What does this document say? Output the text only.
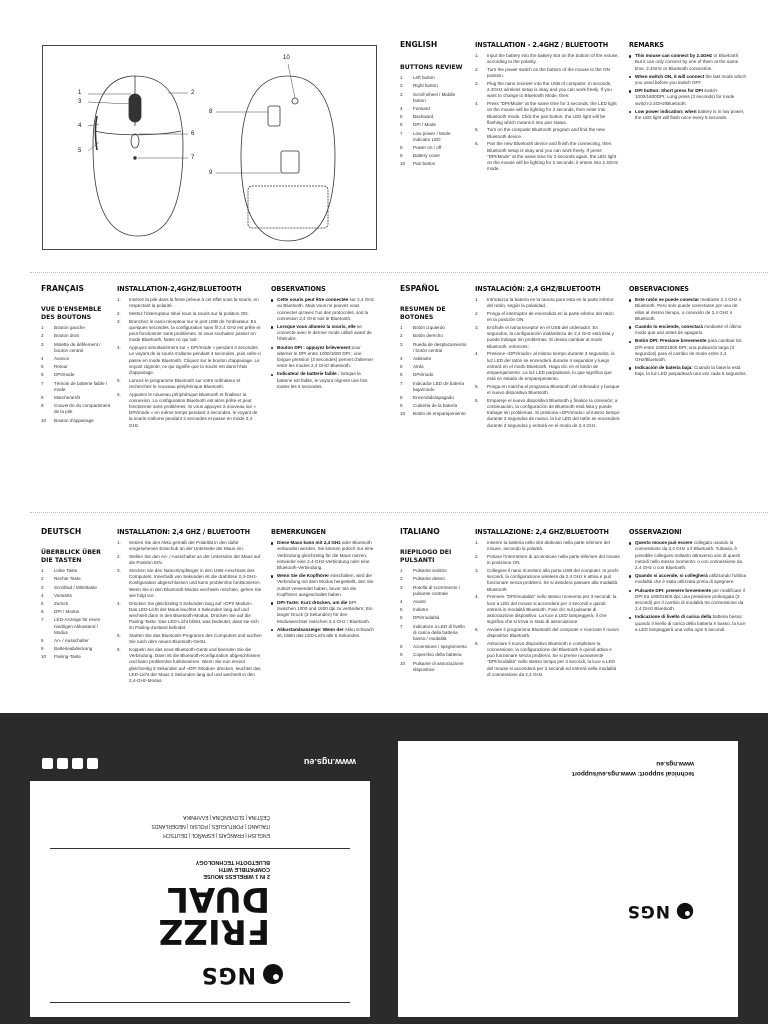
1
3
4
5
2
6
7
8
9
10
ENGLISH
BUTTONS REVIEW
1	Left button
2	Right button
3	Scroll wheel / Middle button
4	Forward
5	Backward
6	DPI / Mode
7	Low power / Mode indicator LED
8	Power on / off
9	Battery cover
10	Pair button
INSTALLATION - 2.4GHZ / BLUETOOTH
1. Input the battery into the battery slot on the bottom of the mouse, according to the polarity.
2. Turn the power switch on the bottom of the mouse to the ON position.
3. Plug the nano receiver into the USB of computer. In seconds, 2.4GHz wireless setup is okay and you can work freely. If you want to change to Bluetooth Mode, then:
4. Press "DPI/Mode" at the same time for 3 seconds, the LED light on the mouse will be lighting for 4 seconds, then enter into Bluetooth mode. Click the pair button, the LED light will be flashing which means it into pair status.
5. Turn on the computer Bluetooth program and find the new Bluetooth device.
6. Pair the new Bluetooth device and finish the connecting, then Bluetooth setup is okay and you can work freely. If press "DPI/Mode" at the same time for 3 seconds again, the LED light on the mouse will be lighting for 2 seconds, it enters into 2.4GHz mode.
REMARKS
This mouse can connect by 2.4GHz or Bluetooth. But it can only connect by one of them at the same time, 2.4GHz or Bluetooth connection.
When switch ON, it will connect the last mode which you used before you switch OFF.
DPI button: Short press for DPI switch-1000/1600DPI; Long press (3 seconds) for mode switch-2.4GHz/Bluetooth.
Low power indication: when battery is in low power, the LED light will flash once every 5 seconds.
FRANÇAIS
VUE D'ENSEMBLE DES BOUTONS
1	Bouton gauche
2	Bouton droit
3	Molette de défilement / bouton central
4	Avance
5	Retour
6	DPI/mode
7	Témoin de batterie faible / mode
8	Marche/arrêt
9	Couvercle du compartiment de la pile
10	Bouton d'appairage
INSTALLATION-2,4GHZ/BLUETOOTH
1. Insérez la pile dans la fente prévue à cet effet sous la souris, en respectant la polarité.
2. Mettez l'interrupteur situé sous la souris sur la position ON.
3. Branchez le nano-récepteur sur le port USB de l'ordinateur. En quelques secondes, la configuration sans fil 2,4 GHz est prête et peut fonctionner sans problèmes. Si vous souhaitez passer en mode Bluetooth, faites ce qui suit :
4. Appuyez simultanément sur « DPI/mode » pendant 3 secondes. Le voyant de la souris s'allume pendant 4 secondes, puis celle-ci passe en mode Bluetooth. Cliquez sur le bouton d'appairage. Le voyant clignote, ce qui signifie que la souris est dans l'état d'appairage.
5. Lancez le programme Bluetooth sur votre ordinateur et recherchez le nouveau périphérique Bluetooth.
6. Appairez le nouveau périphérique Bluetooth et finalisez la connexion. La configuration Bluetooth est alors prête et peut fonctionner sans problèmes. Si vous appuyez à nouveau sur « DPI/mode » en même temps pendant 3 secondes, le voyant de la souris s'allume pendant 2 secondes et passe en mode 2,4 GHz.
OBSERVATIONS
Cette souris peut être connectée sur 2,4 GHz ou Bluetooth. Mais vous ne pouvez vous connecter qu'avec l'un des protocoles, soit la connexion 2,4 GHz soit le Bluetooth.
Lorsque vous allumez la souris, elle se connecte avec le dernier mode utilisé avant de l'éteindre.
Bouton DPI : appuyez brièvement pour alterner le DPI entre 1000/1600 DPI ; une longue pression (3 secondes) permet d'alterner entre les modes 2,4 GHz/ Bluetooth.
Indicateur de batterie faible : lorsque la batterie est faible, le voyant clignote une fois toutes les 5 secondes.
ESPAÑOL
RESUMEN DE BOTONES
1	Botón izquierdo
2	Botón derecho
3	Rueda de desplazamiento / botón central
4	Adelante
5	Atrás
6	DPI/modo
7	Indicador LED de batería baja/modo
8	Encendido/apagado
9	Cubierta de la batería
10	Botón de emparejamiento
INSTALACIÓN: 2,4 GHZ/BLUETOOTH
1. Introduzca la batería en la ranura para esta en la parte inferior del ratón, según la polaridad.
2. Ponga el interruptor de encendido en la parte inferior del ratón en la posición ON.
3. Enchufe el nanorreceptor en el USB del ordenador. En segundos, la configuración inalámbrica de 2,4 GHz está lista y puede trabajar sin problemas. Si desea cambiar al modo Bluetooth, entonces:
4. Presione «DPI/modo» al mismo tiempo durante 3 segundos, la luz LED del ratón se encenderá durante 4 segundos y luego entrará en el modo Bluetooth. Haga clic en el botón de emparejamiento. La luz LED parpadeará, lo que significa que está en estado de emparejamiento.
5. Ponga en marcha el programa Bluetooth del ordenador y busque el nuevo dispositivo Bluetooth.
6. Empareje el nuevo dispositivo Bluetooth y finalice la conexión; a continuación, la configuración de Bluetooth está lista y puede trabajar sin problemas. Si presiona «DPI/modo» al mismo tiempo durante 3 segundos de nuevo, la luz LED del ratón se encenderá durante 2 segundos y entrará en el modo de 2,4 GHz.
OBSERVACIONES
Este ratón se puede conectar mediante 2,4 GHz o Bluetooth. Pero solo puede conectarse por uno de ellos al mismo tiempo, o conexión de 2,4 GHz o Bluetooth.
Cuando lo enciende, conectará mediante el último modo que usó antes de apagarlo.
Botón DPI: Presione brevemente para cambiar los DPI entre 1000/1600 DPI; una pulsación larga (3 segundos) para el cambio de modo entre 2,4 GHz/Bluetooth.
Indicación de batería baja: Cuando la batería está baja, la luz LED parpadeará una vez cada 5 segundos.
DEUTSCH
ÜBERBLICK ÜBER DIE TASTEN
1	Linke Taste
2	Rechte Taste
3	Scrollrad / Mitteltaste
4	Vorwärts
5	Zurück
6	DPI / Modus
7	LED-Anzeige für einen niedrigen Akkustand / Modus
8	An- / Ausschalter
9	Batterieabdeckung
10	Pairing-Taste
INSTALLATION: 2,4 GHZ / BLUETOOTH
1. Setzen Sie den Akku gemäß der Polarität in den dafür vorgesehenen Einschub an der Unterseite der Maus ein.
2. Stellen Sie den An- / Ausschalter an der Unterseite der Maus auf die Position EIN.
3. Stecken Sie den Nano-Empfänger in den USB-Anschluss des Computers. Innerhalb von Sekunden ist die drahtlose 2,4-GHz-Konfiguration abgeschlossen und kann problemlos funktionieren. Wenn Sie in den Bluetooth-Modus wechseln möchten, gehen Sie wie folgt vor:
4. Drücken Sie gleichzeitig 3 Sekunden lang auf »DPI/ Modus«. Das LED-Licht der Maus leuchtet 4 Sekunden lang auf und wechselt dann in den Bluetooth-Modus. Drücken Sie auf die Pairing-Taste. Das LED-Licht blinkt, was bedeutet, dass sie sich im Pairing-Zustand befindet.
5. Starten Sie das Bluetooth-Programm des Computers und suchen Sie nach dem neuen Bluetooth-Gerät.
6. Koppeln Sie das neue Bluetooth-Gerät und beenden Sie die Verbindung. Dann ist die Bluetooth-Konfiguration abgeschlossen und kann problemlos funktionieren. Wenn Sie nun erneut gleichzeitig 3 Sekunden auf »DPI /Modus« drücken, leuchtet das LED-Licht der Maus 2 Sekunden lang auf und wechselt in den 2,4-GHz-Modus.
BEMERKUNGEN
Diese Maus kann mit 2,4 GHz oder Bluetooth verbunden werden. Sie können jedoch nur eine Verbindung gleichzeitig für die Maus nutzen, entweder eine 2,4-GHz-Verbindung oder eine Bluetooth-Verbindung.
Wenn Sie die Kopfhörer einschalten, wird die Verbindung mit dem Modus hergestellt, den Sie zuletzt verwendet haben, bevor Sie die Kopfhörer ausgeschaltet haben.
DPI-Taste: Kurz drücken, um die DPI zwischen 1000 und 1600 dpi zu verändern; Ein langer Druck (3 Sekunden) für den Moduswechsel zwischen 2,4 GHz / Bluetooth.
Akkustandsanzeige: Wenn der Akku schwach ist, blinkt das LED-Licht alle 5 Sekunden.
ITALIANO
RIEPILOGO DEI PULSANTI
1	Pulsante sinistro
2	Pulsante destro
3	Rotella di scorrimento / pulsante centrale
4	Avanti
5	Indietro
6	DPI/modalità
7	Indicatore a LED di livello di carica della batteria basso / modalità
8	Accensione / spegnimento
9	Coperchio della batteria
10	Pulsante di associazione dispositivo
INSTALLAZIONE: 2,4 GHZ/BLUETOOTH
1. Inserire la batteria nello slot dedicato nella parte inferiore del mouse, secondo la polarità.
2. Portare l'interruttore di accensione nella parte inferiore del mouse in posizione ON.
3. Collegare il nano ricevitore alla porta USB del computer. In pochi secondi, la configurazione wireless da 2,4 GHz è attiva e può funzionare senza problemi. Se si desidera passare alla modalità Bluetooth:
4. Premere "DPI/modalità" nello stesso momento per 3 secondi; la luce a LED del mouse si accenderà per 4 secondi e quindi entrerà in modalità Bluetooth. Fare clic sul pulsante di associazione dispositivo. La luce a LED lampeggerà, il che significa che si trova in stato di associazione.
5. Avviare il programma Bluetooth del computer e ricercare il nuovo dispositivo Bluetooth.
6. Associare il nuovo dispositivo Bluetooth e completare la connessione; la configurazione del Bluetooth è quindi attiva e può funzionare senza problemi. Se si preme nuovamente "DPI/modalità" nello stesso tempo per 3 secondi, la luce a LED del mouse si accenderà per 2 secondi ed entrerà nella modalità di connessione da 2,4 GHz.
OSSERVAZIONI
Questo mouse può essere collegato usando la connessione da 2,4 GHz o il Bluetooth. Tuttavia, è possibile collegarsi soltanto attraverso uno di questi metodi nello stesso momento: o con connessione da 2,4 GHz o con Bluetooth.
Quando si accende, si collegherà utilizzando l'ultima modalità che è stata utilizzata prima di spegnere.
Pulsante DPI: premere brevemente per modificare il DPI tra 1000/1600 dpi; una pressione prolungata (3 secondi) per il cambio di modalità tra connessione da 2,4 GHz/ Bluetooth.
Indicazione di livello di carica della batteria basso: quando il livello di carica della batteria è basso, la luce a LED lampeggerà una volta ogni 5 secondi.
NGS
FRIZZ
DUAL
2 IN 1 WIRELESS MOUSE
COMPATIBLE WITH
BLUETOOTH TECHNOLOGY
ENGLISH | FRANÇAIS | ESPAÑOL | DEUTSCH
ITALIANO | PORTUGUÊS | POLSKI | NEDERLANDS
ČEŠTINA | SLOVENČINA | ΕΛΛΗΝΙΚΑ
www.ngs.eu
NGS
technical support: www.ngs.eu/support
www.ngs.eu
